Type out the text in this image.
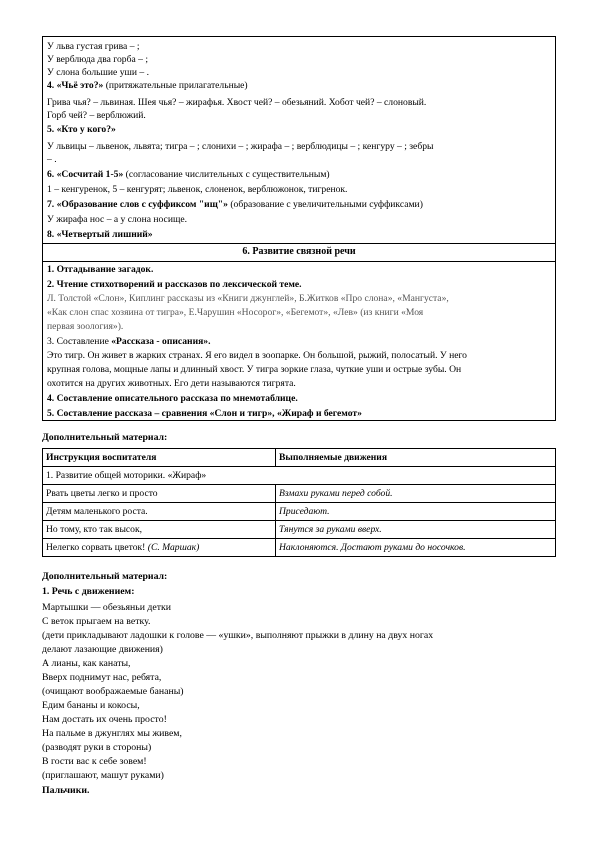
У льва густая грива – ;
У верблюда два горба – ;
У слона большие уши – .
4. «Чьё это?» (притяжательные прилагательные)
Грива чья? – львиная. Шея чья? – жирафья. Хвост чей? – обезьяний. Хобот чей? – слоновый.
Горб чей? – верблюжий.
5. «Кто у кого?»
У львицы – львенок, львята; тигра – ; слонихи – ; жирафа – ; верблюдицы – ; кенгуру – ; зебры
– .
6. «Сосчитай 1-5» (согласование числительных с существительным)
1 – кенгуренок, 5 – кенгурят; львенок, слоненок, верблюжонок, тигренок.
7. «Образование слов с суффиксом "ищ"» (образование с увеличительными суффиксами)
У жирафа нос – а у слона носище.
8. «Четвертый лишний»
6. Развитие связной речи
1. Отгадывание загадок.
2. Чтение стихотворений и рассказов по лексической теме.
Л. Толстой «Слон», Киплинг рассказы из «Книги джунглей», Б.Житков «Про слона», «Мангуста»,
«Как слон спас хозяина от тигра», Е.Чарушин «Носорог», «Бегемот», «Лев» (из книги «Моя
первая зоология»).
3. Составление «Рассказа - описания».
Это тигр. Он живет в жарких странах. Я его видел в зоопарке. Он большой, рыжий, полосатый. У него
крупная голова, мощные лапы и длинный хвост. У тигра зоркие глаза, чуткие уши и острые зубы. Он
охотится на других животных. Его дети называются тигрята.
4. Составление описательного рассказа по мнемотаблице.
5. Составление рассказа – сравнения «Слон и тигр», «Жираф и бегемот»
Дополнительный материал:
Инструкция воспитателя	Выполняемые движения
1. Развитие общей моторики. «Жираф»	
Рвать цветы легко и просто	Взмахи руками перед собой.
Детям маленького роста.	Приседают.
Но тому, кто так высок,	Тянутся за руками вверх.
Нелегко сорвать цветок! (С. Маршак)	Наклоняются. Достают руками до носочков.
Дополнительный материал:
1. Речь с движением:
Мартышки — обезьяньи детки
С веток прыгаем на ветку.
(дети прикладывают ладошки к голове — «ушки», выполняют прыжки в длину на двух ногах
делают лазающие движения)
А лианы, как канаты,
Вверх поднимут нас, ребята,
(очищают воображаемые бананы)
Едим бананы и кокосы,
Нам достать их очень просто!
На пальме в джунглях мы живем,
(разводят руки в стороны)
В гости вас к себе зовем!
(приглашают, машут руками)
Пальчики.
